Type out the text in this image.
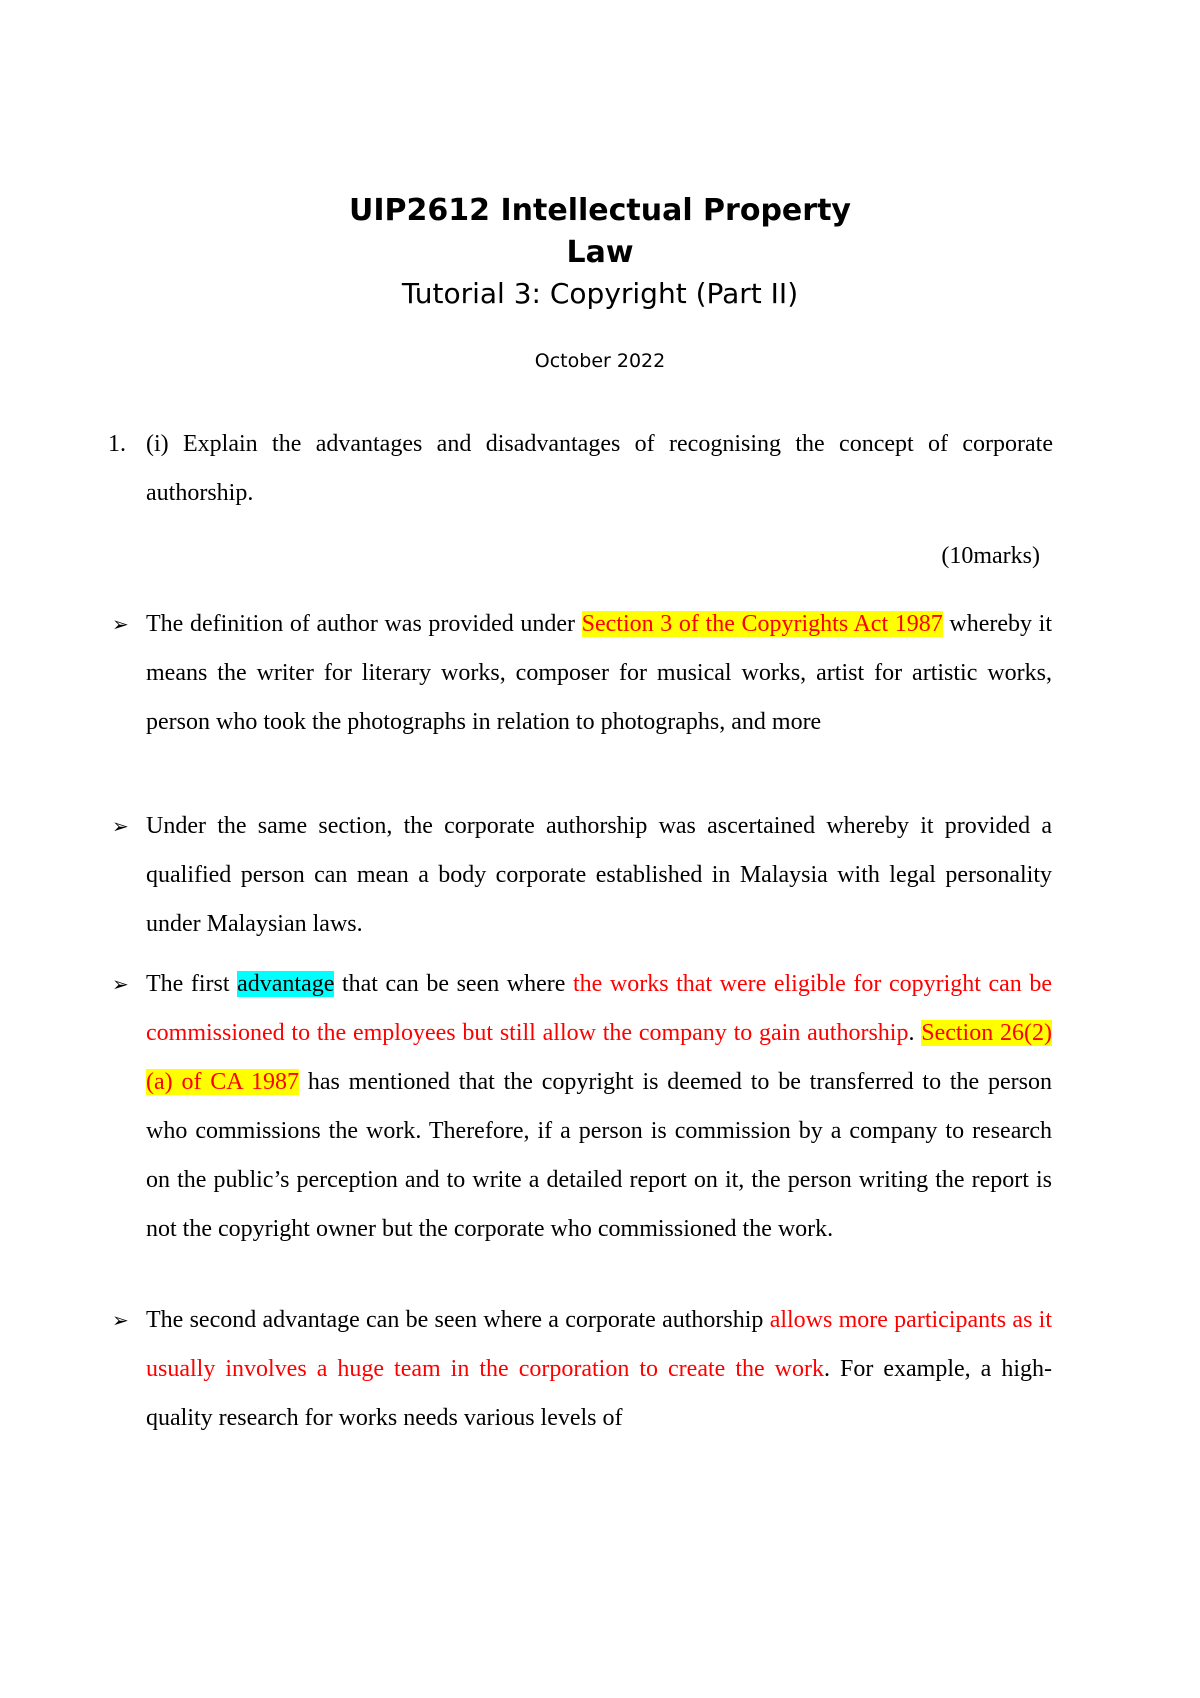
UIP2612 Intellectual Property
Law
Tutorial 3: Copyright (Part II)
October 2022
1. (i) Explain the advantages and disadvantages of recognising the concept of corporate authorship.
(10marks)
➢ The definition of author was provided under Section 3 of the Copyrights Act 1987 whereby it means the writer for literary works, composer for musical works, artist for artistic works, person who took the photographs in relation to photographs, and more
➢ Under the same section, the corporate authorship was ascertained whereby it provided a qualified person can mean a body corporate established in Malaysia with legal personality under Malaysian laws.
➢ The first advantage that can be seen where the works that were eligible for copyright can be commissioned to the employees but still allow the company to gain authorship. Section 26(2)(a) of CA 1987 has mentioned that the copyright is deemed to be transferred to the person who commissions the work. Therefore, if a person is commission by a company to research on the public’s perception and to write a detailed report on it, the person writing the report is not the copyright owner but the corporate who commissioned the work.
➢ The second advantage can be seen where a corporate authorship allows more participants as it usually involves a huge team in the corporation to create the work. For example, a high-quality research for works needs various levels of
